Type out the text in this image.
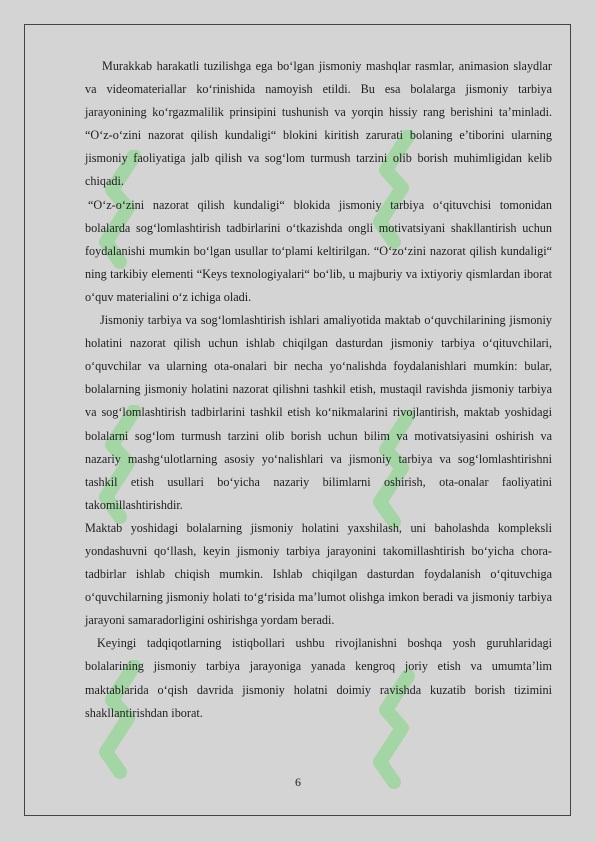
Murakkab harakatli tuzilishga ega bo‘lgan jismoniy mashqlar rasmlar, animasion slaydlar va videomateriallar ko‘rinishida namoyish etildi. Bu esa bolalarga jismoniy tarbiya jarayonining ko‘rgazmalilik prinsipini tushunish va yorqin hissiy rang berishini ta’minladi. “O‘z-o‘zini nazorat qilish kundaligi“ blokini kiritish zarurati bolaning e’tiborini ularning jismoniy faoliyatiga jalb qilish va sog‘lom turmush tarzini olib borish muhimligidan kelib chiqadi.

“O‘z-o‘zini nazorat qilish kundaligi“ blokida jismoniy tarbiya o‘qituvchisi tomonidan bolalarda sog‘lomlashtirish tadbirlarini o‘tkazishda ongli motivatsiyani shakllantirish uchun foydalanishi mumkin bo‘lgan usullar to‘plami keltirilgan. “O‘zo‘zini nazorat qilish kundaligi“ ning tarkibiy elementi “Keys texnologiyalari“ bo‘lib, u majburiy va ixtiyoriy qismlardan iborat o‘quv materialini o‘z ichiga oladi.

Jismoniy tarbiya va sog‘lomlashtirish ishlari amaliyotida maktab o‘quvchilarining jismoniy holatini nazorat qilish uchun ishlab chiqilgan dasturdan jismoniy tarbiya o‘qituvchilari, o‘quvchilar va ularning ota-onalari bir necha yo‘nalishda foydalanishlari mumkin: bular, bolalarning jismoniy holatini nazorat qilishni tashkil etish, mustaqil ravishda jismoniy tarbiya va sog‘lomlashtirish tadbirlarini tashkil etish ko‘nikmalarini rivojlantirish, maktab yoshidagi bolalarni sog‘lom turmush tarzini olib borish uchun bilim va motivatsiyasini oshirish va nazariy mashg‘ulotlarning asosiy yo‘nalishlari va jismoniy tarbiya va sog‘lomlashtirishni tashkil etish usullari bo‘yicha nazariy bilimlarni oshirish, ota-onalar faoliyatini takomillashtirishdir.

Maktab yoshidagi bolalarning jismoniy holatini yaxshilash, uni baholashda kompleksli yondashuvni qo‘llash, keyin jismoniy tarbiya jarayonini takomillashtirish bo‘yicha chora-tadbirlar ishlab chiqish mumkin. Ishlab chiqilgan dasturdan foydalanish o‘qituvchiga o‘quvchilarning jismoniy holati to‘g‘risida ma’lumot olishga imkon beradi va jismoniy tarbiya jarayoni samaradorligini oshirishga yordam beradi.

Keyingi tadqiqotlarning istiqbollari ushbu rivojlanishni boshqa yosh guruhlaridagi bolalarining jismoniy tarbiya jarayoniga yanada kengroq joriy etish va umumta’lim maktablarida o‘qish davrida jismoniy holatni doimiy ravishda kuzatib borish tizimini shakllantirishdan iborat.

6
